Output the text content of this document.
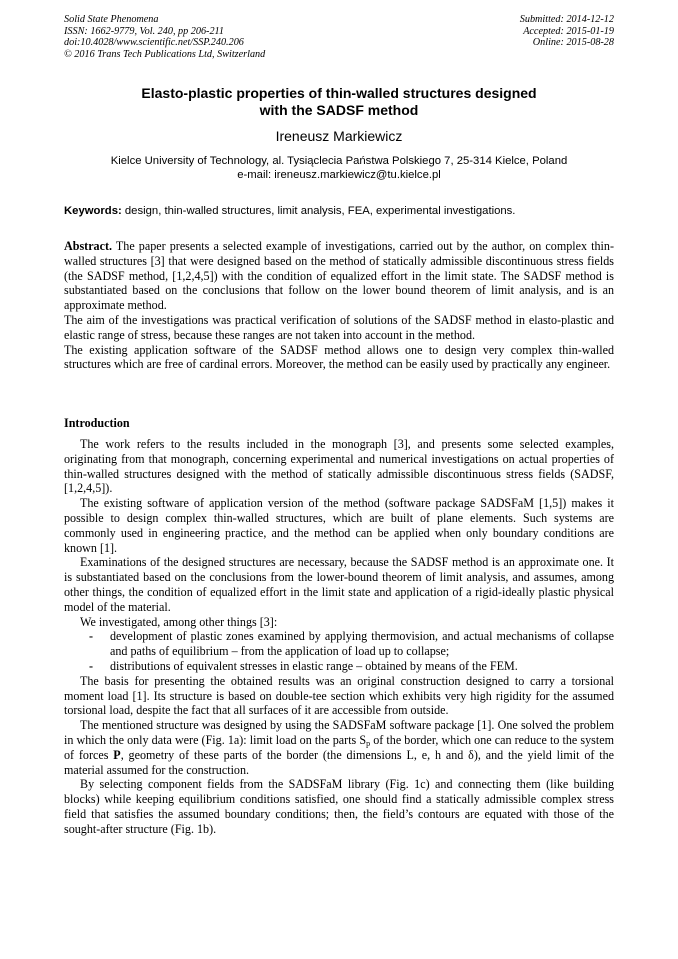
Solid State Phenomena
ISSN: 1662-9779, Vol. 240, pp 206-211
doi:10.4028/www.scientific.net/SSP.240.206
© 2016 Trans Tech Publications Ltd, Switzerland
Submitted: 2014-12-12
Accepted: 2015-01-19
Online: 2015-08-28
Elasto-plastic properties of thin-walled structures designed
with the SADSF method
Ireneusz Markiewicz
Kielce University of Technology, al. Tysiąclecia Państwa Polskiego 7, 25-314 Kielce, Poland
e-mail: ireneusz.markiewicz@tu.kielce.pl
Keywords: design, thin-walled structures, limit analysis, FEA, experimental investigations.

Abstract. The paper presents a selected example of investigations, carried out by the author, on complex thin-walled structures [3] that were designed based on the method of statically admissible discontinuous stress fields (the SADSF method, [1,2,4,5]) with the condition of equalized effort in the limit state. The SADSF method is substantiated based on the conclusions that follow on the lower bound theorem of limit analysis, and is an approximate method.

The aim of the investigations was practical verification of solutions of the SADSF method in elasto-plastic and elastic range of stress, because these ranges are not taken into account in the method.

The existing application software of the SADSF method allows one to design very complex thin-walled structures which are free of cardinal errors. Moreover, the method can be easily used by practically any engineer.

Introduction

The work refers to the results included in the monograph [3], and presents some selected examples, originating from that monograph, concerning experimental and numerical investigations on actual properties of thin-walled structures designed with the method of statically admissible discontinuous stress fields (SADSF, [1,2,4,5]).

The existing software of application version of the method (software package SADSFaM [1,5]) makes it possible to design complex thin-walled structures, which are built of plane elements. Such systems are commonly used in engineering practice, and the method can be applied when only boundary conditions are known [1].

Examinations of the designed structures are necessary, because the SADSF method is an approximate one. It is substantiated based on the conclusions from the lower-bound theorem of limit analysis, and assumes, among other things, the condition of equalized effort in the limit state and application of a rigid-ideally plastic physical model of the material.

We investigated, among other things [3]:

- development of plastic zones examined by applying thermovision, and actual mechanisms of collapse and paths of equilibrium – from the application of load up to collapse;
- distributions of equivalent stresses in elastic range – obtained by means of the FEM.

The basis for presenting the obtained results was an original construction designed to carry a torsional moment load [1]. Its structure is based on double-tee section which exhibits very high rigidity for the assumed torsional load, despite the fact that all surfaces of it are accessible from outside.

The mentioned structure was designed by using the SADSFaM software package [1]. One solved the problem in which the only data were (Fig. 1a): limit load on the parts $S_p$ of the border, which one can reduce to the system of forces P, geometry of these parts of the border (the dimensions L, e, h and δ), and the yield limit of the material assumed for the construction.

By selecting component fields from the SADSFaM library (Fig. 1c) and connecting them (like building blocks) while keeping equilibrium conditions satisfied, one should find a statically admissible complex stress field that satisfies the assumed boundary conditions; then, the field’s contours are equated with those of the sought-after structure (Fig. 1b).
